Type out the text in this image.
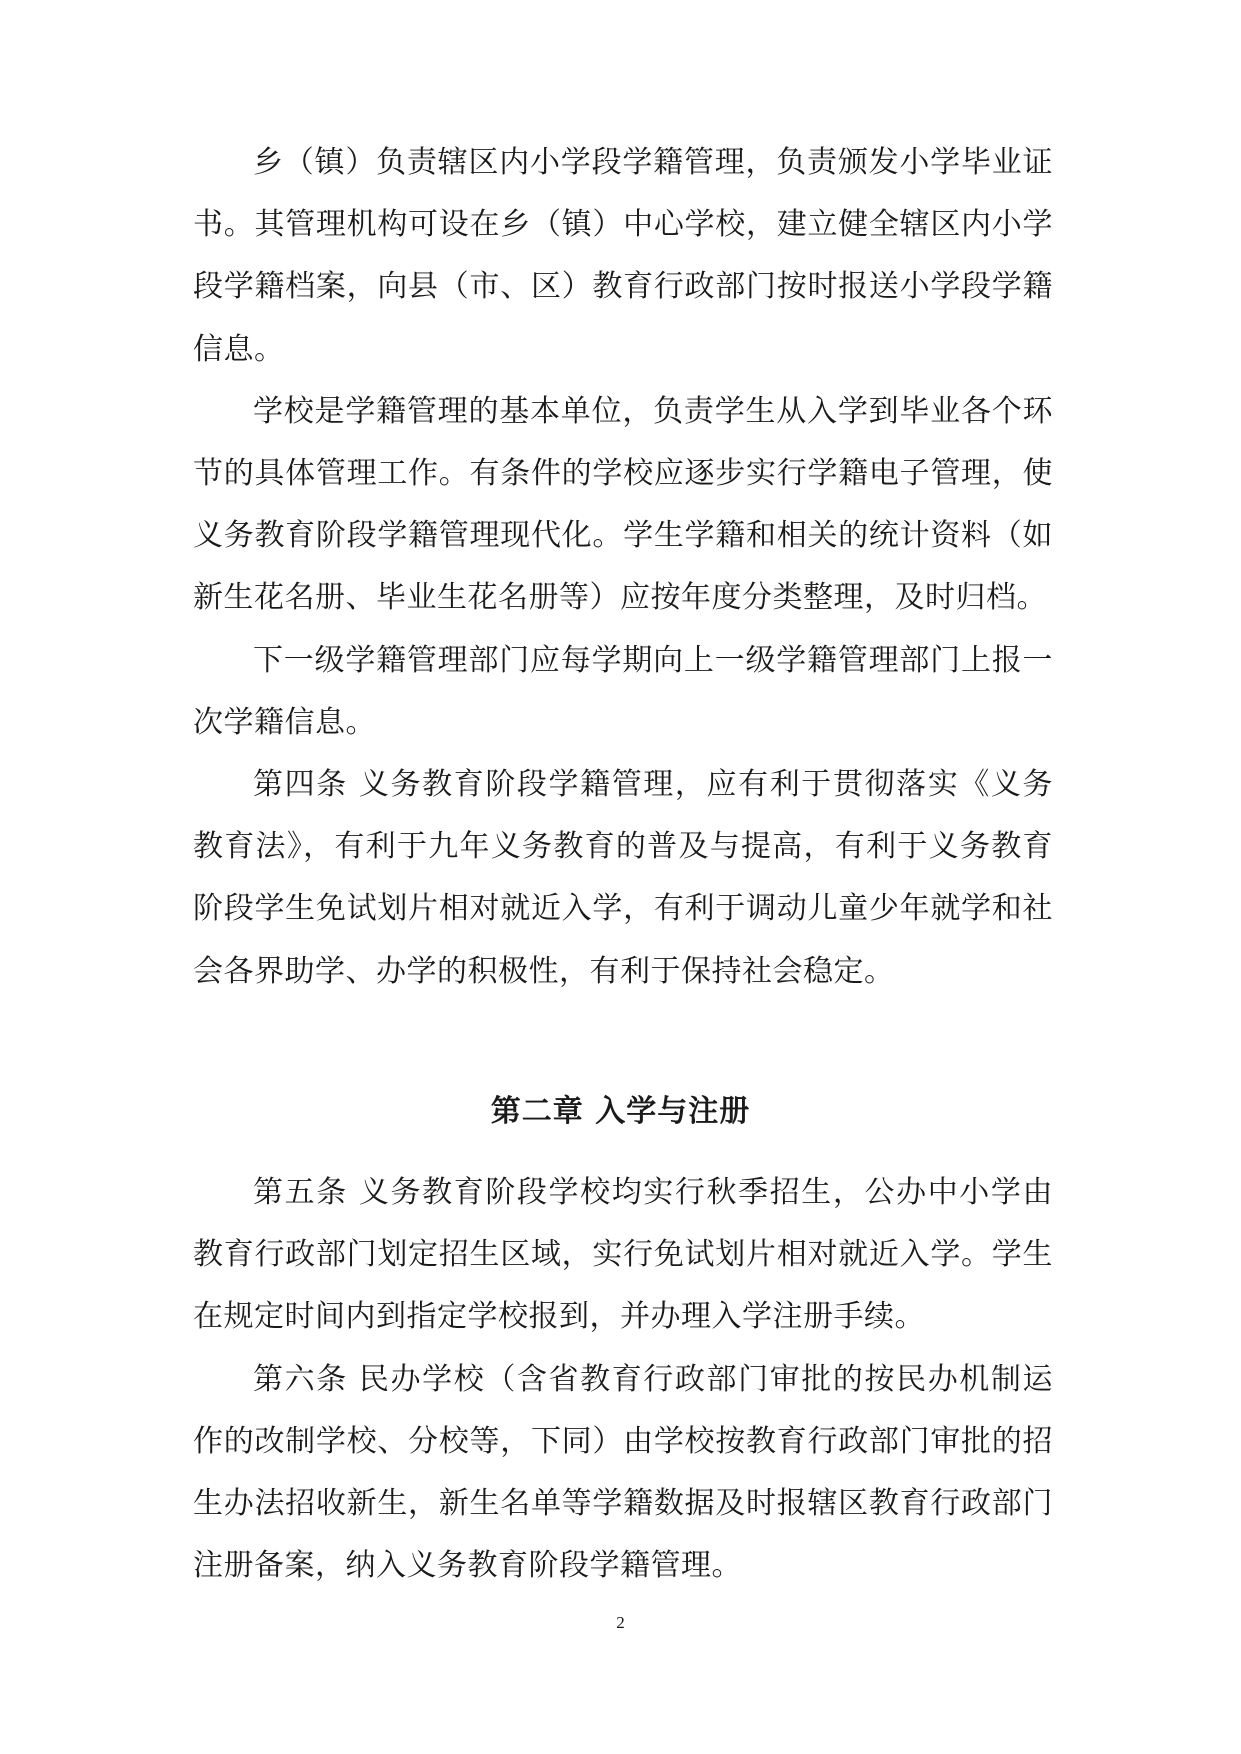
乡（镇）负责辖区内小学段学籍管理，负责颁发小学毕业证书。其管理机构可设在乡（镇）中心学校，建立健全辖区内小学段学籍档案，向县（市、区）教育行政部门按时报送小学段学籍信息。

学校是学籍管理的基本单位，负责学生从入学到毕业各个环节的具体管理工作。有条件的学校应逐步实行学籍电子管理，使义务教育阶段学籍管理现代化。学生学籍和相关的统计资料（如新生花名册、毕业生花名册等）应按年度分类整理，及时归档。

下一级学籍管理部门应每学期向上一级学籍管理部门上报一次学籍信息。

第四条 义务教育阶段学籍管理，应有利于贯彻落实《义务教育法》，有利于九年义务教育的普及与提高，有利于义务教育阶段学生免试划片相对就近入学，有利于调动儿童少年就学和社会各界助学、办学的积极性，有利于保持社会稳定。

第二章 入学与注册

第五条 义务教育阶段学校均实行秋季招生，公办中小学由教育行政部门划定招生区域，实行免试划片相对就近入学。学生在规定时间内到指定学校报到，并办理入学注册手续。

第六条 民办学校（含省教育行政部门审批的按民办机制运作的改制学校、分校等，下同）由学校按教育行政部门审批的招生办法招收新生，新生名单等学籍数据及时报辖区教育行政部门注册备案，纳入义务教育阶段学籍管理。

2
